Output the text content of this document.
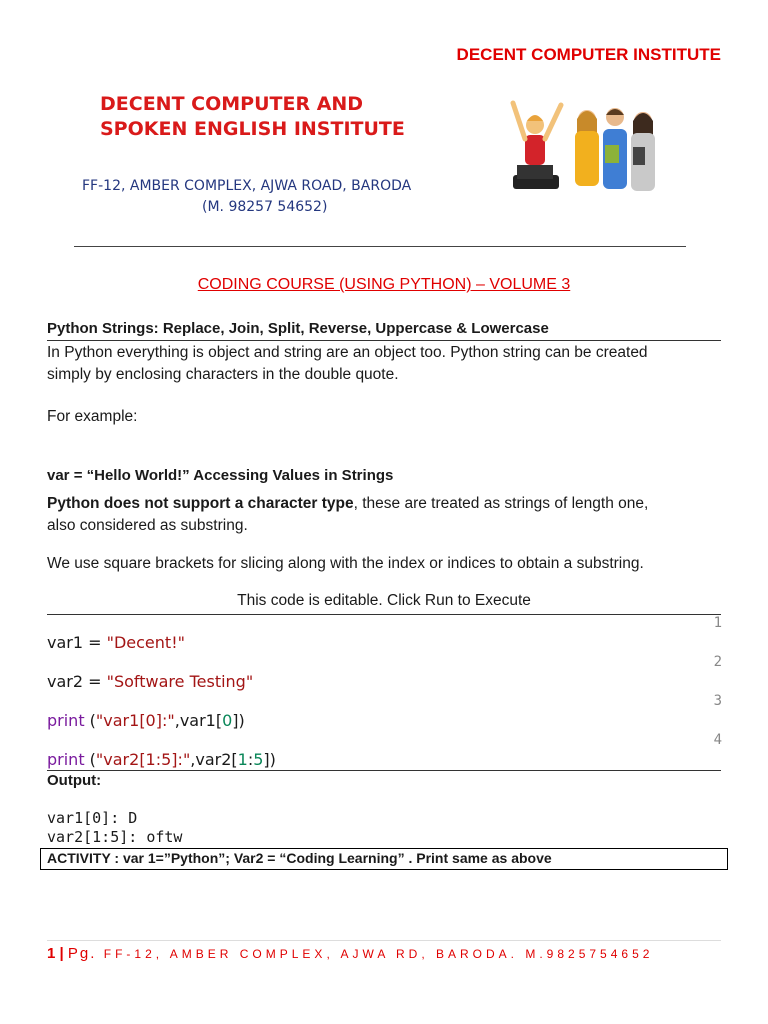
DECENT COMPUTER INSTITUTE
DECENT COMPUTER AND
SPOKEN ENGLISH INSTITUTE
FF-12, AMBER COMPLEX, AJWA ROAD, BARODA
(M. 98257 54652)
CODING COURSE (USING PYTHON) – VOLUME 3
Python Strings: Replace, Join, Split, Reverse, Uppercase & Lowercase
In Python everything is object and string are an object too. Python string can be created
simply by enclosing characters in the double quote.
For example:
var = “Hello World!” Accessing Values in Strings
Python does not support a character type, these are treated as strings of length one,
also considered as substring.
We use square brackets for slicing along with the index or indices to obtain a substring.
This code is editable. Click Run to Execute
1
2
3
4
var1 = "Decent!"
var2 = "Software Testing"
print ("var1[0]:",var1[0])
print ("var2[1:5]:",var2[1:5])
Output:
var1[0]: D
var2[1:5]: oftw
ACTIVITY : var 1=”Python”; Var2 = “Coding Learning” . Print same as above
1 | Pg. FF-12, AMBER COMPLEX, AJWA RD, BARODA. M.9825754652
